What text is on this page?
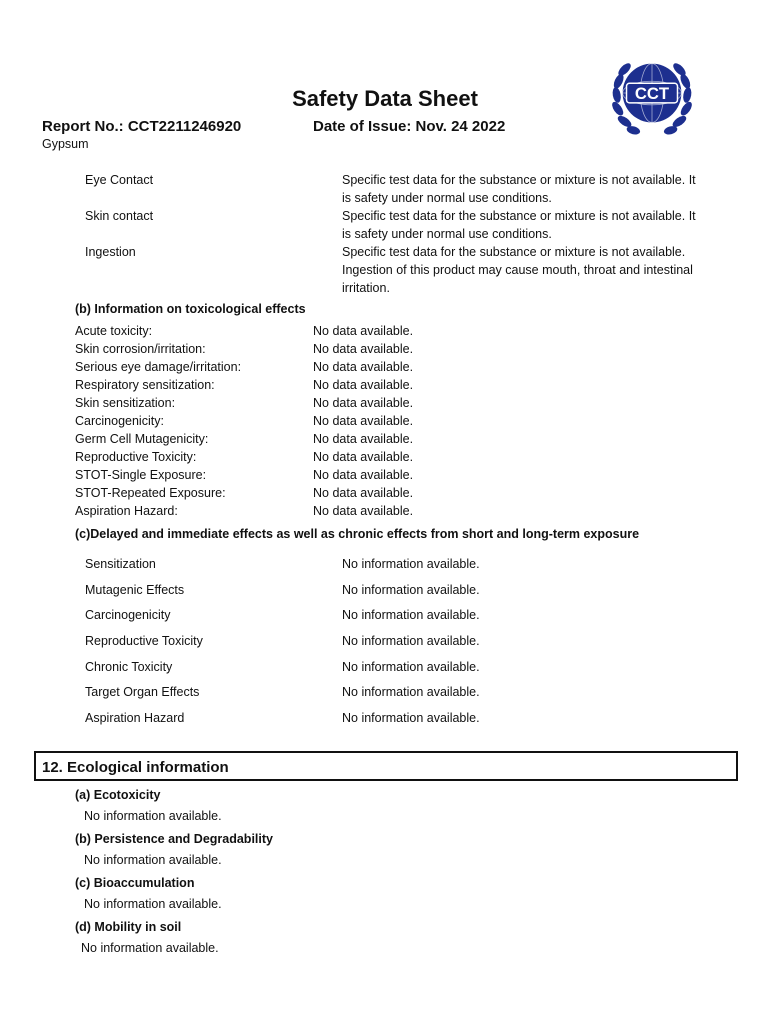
Safety Data Sheet	CCT
Report No.: CCT2211246920	Date of Issue: Nov. 24 2022
Gypsum
Eye Contact	Specific test data for the substance or mixture is not available. It
is safety under normal use conditions.
Skin contact	Specific test data for the substance or mixture is not available. It
is safety under normal use conditions.
Ingestion	Specific test data for the substance or mixture is not available.
Ingestion of this product may cause mouth, throat and intestinal
irritation.
(b) Information on toxicological effects
Acute toxicity:	No data available.
Skin corrosion/irritation:	No data available.
Serious eye damage/irritation:	No data available.
Respiratory sensitization:	No data available.
Skin sensitization:	No data available.
Carcinogenicity:	No data available.
Germ Cell Mutagenicity:	No data available.
Reproductive Toxicity:	No data available.
STOT-Single Exposure:	No data available.
STOT-Repeated Exposure:	No data available.
Aspiration Hazard:	No data available.
(c)Delayed and immediate effects as well as chronic effects from short and long-term exposure
Sensitization	No information available.
Mutagenic Effects	No information available.
Carcinogenicity	No information available.
Reproductive Toxicity	No information available.
Chronic Toxicity	No information available.
Target Organ Effects	No information available.
Aspiration Hazard	No information available.
12. Ecological information
(a) Ecotoxicity
No information available.
(b) Persistence and Degradability
No information available.
(c) Bioaccumulation
No information available.
(d) Mobility in soil
No information available.
